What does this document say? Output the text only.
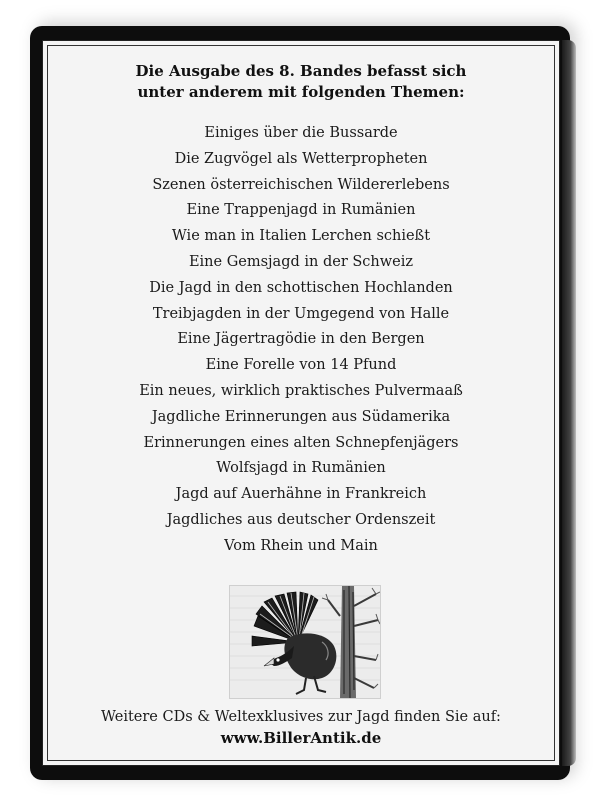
Die Ausgabe des 8. Bandes befasst sich
unter anderem mit folgenden Themen:
Einiges über die Bussarde
Die Zugvögel als Wetterpropheten
Szenen österreichischen Wildererlebens
Eine Trappenjagd in Rumänien
Wie man in Italien Lerchen schießt
Eine Gemsjagd in der Schweiz
Die Jagd in den schottischen Hochlanden
Treibjagden in der Umgegend von Halle
Eine Jägertragödie in den Bergen
Eine Forelle von 14 Pfund
Ein neues, wirklich praktisches Pulvermaaß
Jagdliche Erinnerungen aus Südamerika
Erinnerungen eines alten Schnepfenjägers
Wolfsjagd in Rumänien
Jagd auf Auerhähne in Frankreich
Jagdliches aus deutscher Ordenszeit
Vom Rhein und Main
Weitere CDs & Weltexklusives zur Jagd finden Sie auf:
www.BillerAntik.de
